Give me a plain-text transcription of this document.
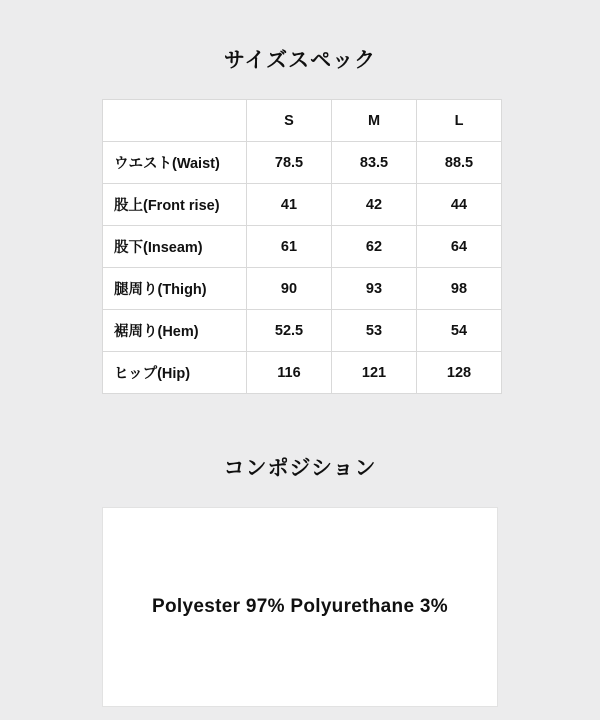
サイズスペック
	S	M	L
ウエスト(Waist)	78.5	83.5	88.5
股上(Front rise)	41	42	44
股下(Inseam)	61	62	64
腿周り(Thigh)	90	93	98
裾周り(Hem)	52.5	53	54
ヒップ(Hip)	116	121	128
コンポジション
Polyester 97% Polyurethane 3%
